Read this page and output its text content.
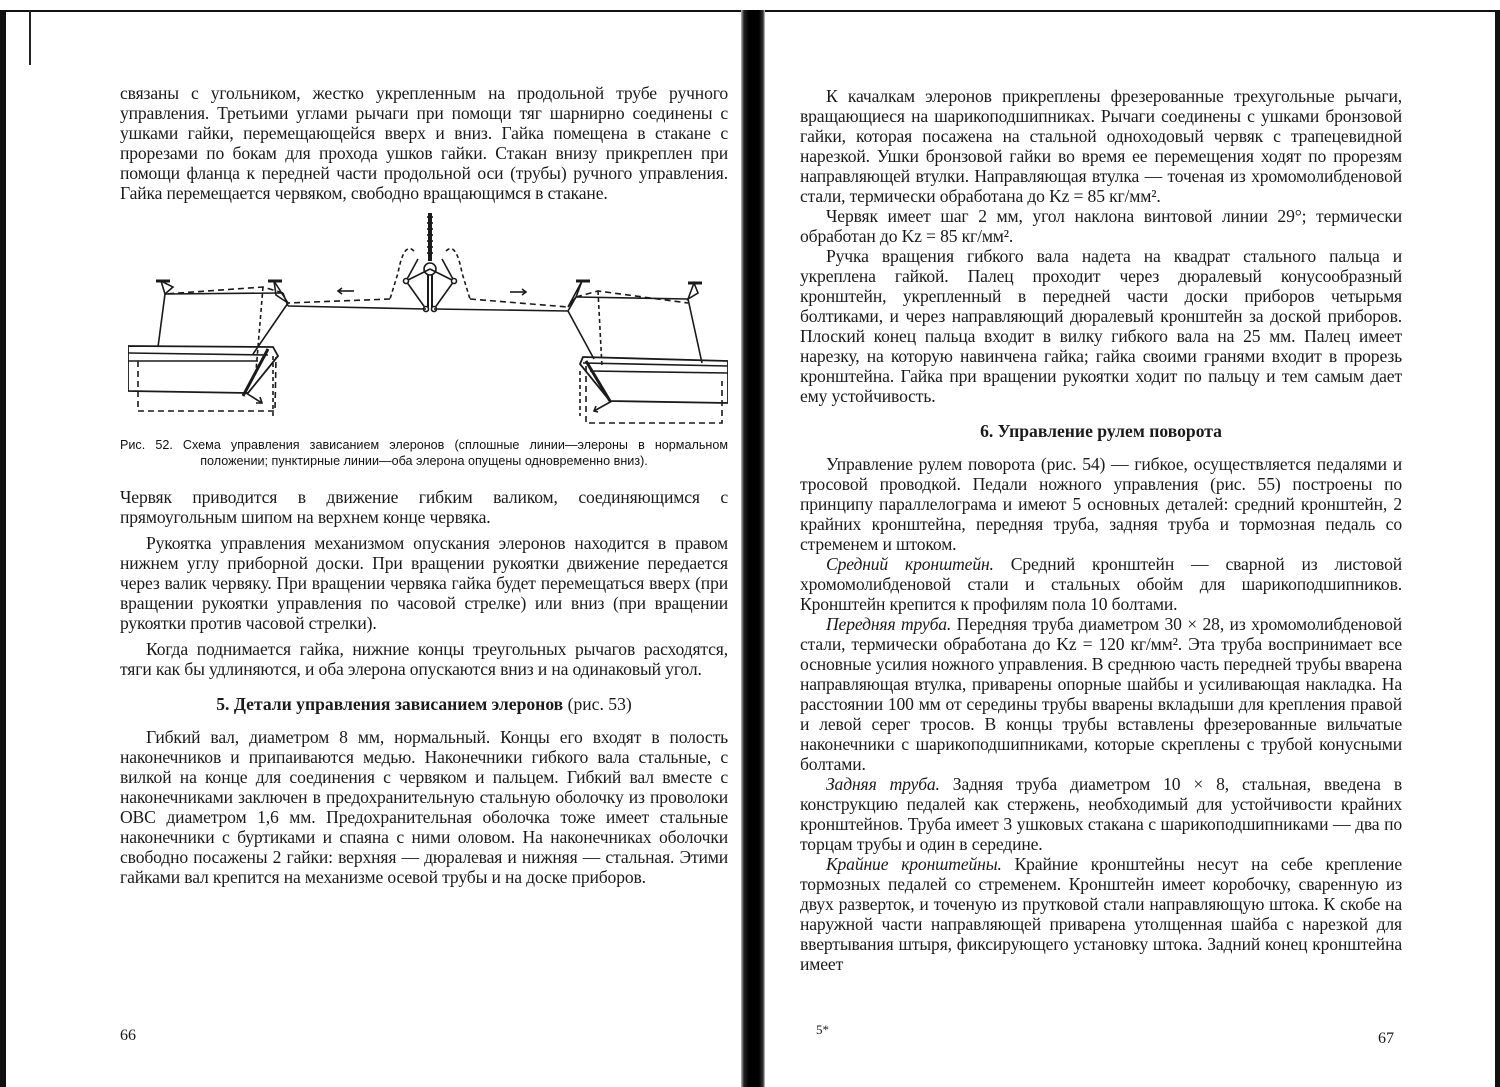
связаны с угольником, жестко укрепленным на продольной трубе ручного управления. Третьими углами рычаги при помощи тяг шарнирно соединены с ушками гайки, перемещающейся вверх и вниз. Гайка помещена в стакане с прорезами по бокам для прохода ушков гайки. Стакан внизу прикреплен при помощи фланца к передней части продольной оси (трубы) ручного управления. Гайка перемещается червяком, свободно вращающимся в стакане.

Рис. 52. Схема управления зависанием элеронов (сплошные линии—элероны в нормальном положении; пунктирные линии—оба элерона опущены одновременно вниз).

Червяк приводится в движение гибким валиком, соединяющимся с прямоугольным шипом на верхнем конце червяка.

Рукоятка управления механизмом опускания элеронов находится в правом нижнем углу приборной доски. При вращении рукоятки движение передается через валик червяку. При вращении червяка гайка будет перемещаться вверх (при вращении рукоятки управления по часовой стрелке) или вниз (при вращении рукоятки против часовой стрелки).

Когда поднимается гайка, нижние концы треугольных рычагов расходятся, тяги как бы удлиняются, и оба элерона опускаются вниз и на одинаковый угол.

5. Детали управления зависанием элеронов (рис. 53)

Гибкий вал, диаметром 8 мм, нормальный. Концы его входят в полость наконечников и припаиваются медью. Наконечники гибкого вала стальные, с вилкой на конце для соединения с червяком и пальцем. Гибкий вал вместе с наконечниками заключен в предохранительную стальную оболочку из проволоки ОВС диаметром 1,6 мм. Предохранительная оболочка тоже имеет стальные наконечники с буртиками и спаяна с ними оловом. На наконечниках оболочки свободно посажены 2 гайки: верхняя — дюралевая и нижняя — стальная. Этими гайками вал крепится на механизме осевой трубы и на доске приборов.

66

К качалкам элеронов прикреплены фрезерованные трехугольные рычаги, вращающиеся на шарикоподшипниках. Рычаги соединены с ушками бронзовой гайки, которая посажена на стальной одноходовый червяк с трапецевидной нарезкой. Ушки бронзовой гайки во время ее перемещения ходят по прорезям направляющей втулки. Направляющая втулка — точеная из хромомолибденовой стали, термически обработана до Kz = 85 кг/мм².

Червяк имеет шаг 2 мм, угол наклона винтовой линии 29°; термически обработан до Kz = 85 кг/мм².

Ручка вращения гибкого вала надета на квадрат стального пальца и укреплена гайкой. Палец проходит через дюралевый конусообразный кронштейн, укрепленный в передней части доски приборов четырьмя болтиками, и через направляющий дюралевый кронштейн за доской приборов. Плоский конец пальца входит в вилку гибкого вала на 25 мм. Палец имеет нарезку, на которую навинчена гайка; гайка своими гранями входит в прорезь кронштейна. Гайка при вращении рукоятки ходит по пальцу и тем самым дает ему устойчивость.

6. Управление рулем поворота

Управление рулем поворота (рис. 54) — гибкое, осуществляется педалями и тросовой проводкой. Педали ножного управления (рис. 55) построены по принципу параллелограма и имеют 5 основных деталей: средний кронштейн, 2 крайних кронштейна, передняя труба, задняя труба и тормозная педаль со стременем и штоком.

Средний кронштейн. Средний кронштейн — сварной из листовой хромомолибденовой стали и стальных обойм для шарикоподшипников. Кронштейн крепится к профилям пола 10 болтами.

Передняя труба. Передняя труба диаметром 30 × 28, из хромомолибденовой стали, термически обработана до Kz = 120 кг/мм². Эта труба воспринимает все основные усилия ножного управления. В среднюю часть передней трубы вварена направляющая втулка, приварены опорные шайбы и усиливающая накладка. На расстоянии 100 мм от середины трубы вварены вкладыши для крепления правой и левой серег тросов. В концы трубы вставлены фрезерованные вильчатые наконечники с шарикоподшипниками, которые скреплены с трубой конусными болтами.

Задняя труба. Задняя труба диаметром 10 × 8, стальная, введена в конструкцию педалей как стержень, необходимый для устойчивости крайних кронштейнов. Труба имеет 3 ушковых стакана с шарикоподшипниками — два по торцам трубы и один в середине.

Крайние кронштейны. Крайние кронштейны несут на себе крепление тормозных педалей со стременем. Кронштейн имеет коробочку, сваренную из двух разверток, и точеную из прутковой стали направляющую штока. К скобе на наружной части направляющей приварена утолщенная шайба с нарезкой для ввертывания штыря, фиксирующего установку штока. Задний конец кронштейна имеет

5*
67
